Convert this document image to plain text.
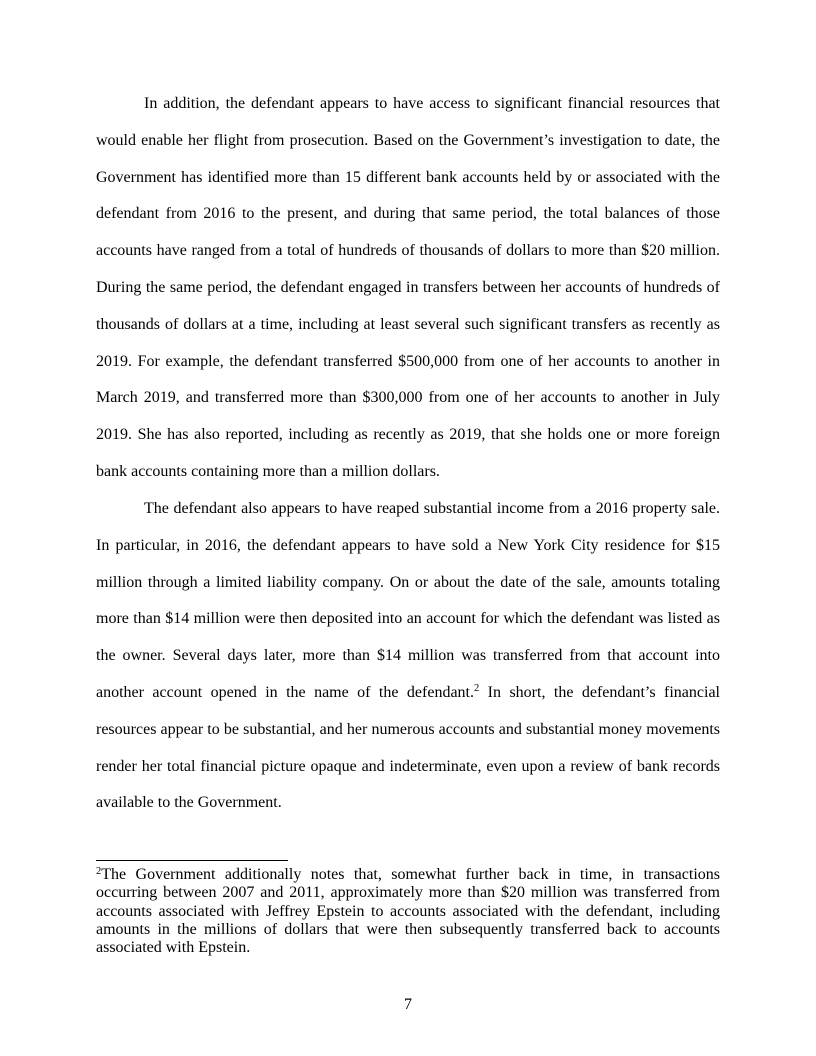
In addition, the defendant appears to have access to significant financial resources that would enable her flight from prosecution. Based on the Government’s investigation to date, the Government has identified more than 15 different bank accounts held by or associated with the defendant from 2016 to the present, and during that same period, the total balances of those accounts have ranged from a total of hundreds of thousands of dollars to more than $20 million. During the same period, the defendant engaged in transfers between her accounts of hundreds of thousands of dollars at a time, including at least several such significant transfers as recently as 2019. For example, the defendant transferred $500,000 from one of her accounts to another in March 2019, and transferred more than $300,000 from one of her accounts to another in July 2019. She has also reported, including as recently as 2019, that she holds one or more foreign bank accounts containing more than a million dollars.

The defendant also appears to have reaped substantial income from a 2016 property sale. In particular, in 2016, the defendant appears to have sold a New York City residence for $15 million through a limited liability company. On or about the date of the sale, amounts totaling more than $14 million were then deposited into an account for which the defendant was listed as the owner. Several days later, more than $14 million was transferred from that account into another account opened in the name of the defendant.$^2$ In short, the defendant’s financial resources appear to be substantial, and her numerous accounts and substantial money movements render her total financial picture opaque and indeterminate, even upon a review of bank records available to the Government.

$^2$The Government additionally notes that, somewhat further back in time, in transactions occurring between 2007 and 2011, approximately more than $20 million was transferred from accounts associated with Jeffrey Epstein to accounts associated with the defendant, including amounts in the millions of dollars that were then subsequently transferred back to accounts associated with Epstein.

7
